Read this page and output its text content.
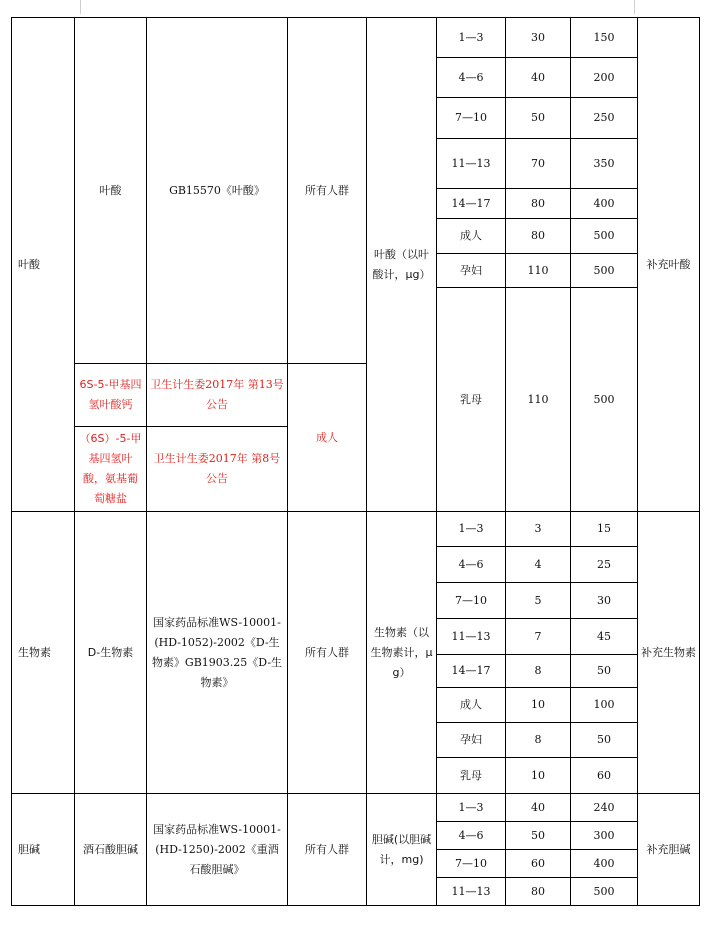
叶酸	叶酸	GB15570《叶酸》	所有人群	叶酸（以叶酸计，μg）	1—3	30	150	补充叶酸
					4—6	40	200	
					7—10	50	250	
					11—13	70	350	
					14—17	80	400	
					成人	80	500	
					孕妇	110	500	
					乳母	110	500	
	6S-5-甲基四氢叶酸钙	卫生计生委2017年 第13号公告	成人					
	（6S）-5-甲基四氢叶酸，氨基葡萄糖盐	卫生计生委2017年 第8号公告						
生物素	D-生物素	国家药品标准WS-10001-(HD-1052)-2002《D-生物素》GB1903.25《D-生物素》	所有人群	生物素（以生物素计，μg）	1—3	3	15	补充生物素
					4—6	4	25	
					7—10	5	30	
					11—13	7	45	
					14—17	8	50	
					成人	10	100	
					孕妇	8	50	
					乳母	10	60	
胆碱	酒石酸胆碱	国家药品标准WS-10001-(HD-1250)-2002《重酒石酸胆碱》	所有人群	胆碱(以胆碱计，mg)	1—3	40	240	补充胆碱
					4—6	50	300	
					7—10	60	400	
					11—13	80	500	
